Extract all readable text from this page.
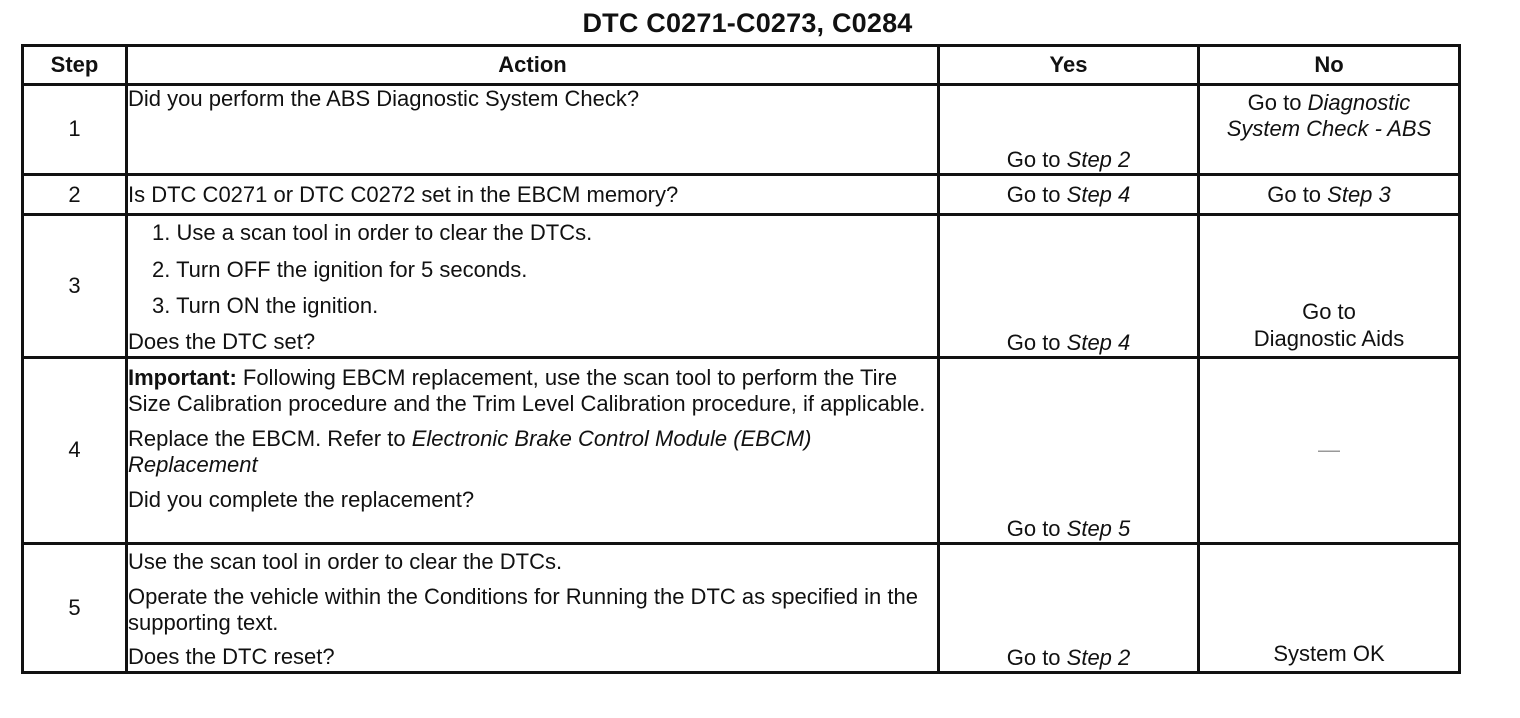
DTC C0271-C0273, C0284
Step	Action	Yes	No
1	Did you perform the ABS Diagnostic System Check?	Go to Step 2	Go to Diagnostic System Check - ABS
2	Is DTC C0271 or DTC C0272 set in the EBCM memory?	Go to Step 4	Go to Step 3
3	1. Use a scan tool in order to clear the DTCs.
2. Turn OFF the ignition for 5 seconds.
3. Turn ON the ignition.
Does the DTC set?	Go to Step 4	Go to
Diagnostic Aids

4	Important: Following EBCM replacement, use the scan tool to perform the Tire Size Calibration procedure and the Trim Level Calibration procedure, if applicable.
Replace the EBCM. Refer to Electronic Brake Control Module (EBCM) Replacement
Did you complete the replacement?	Go to Step 5	—
5	Use the scan tool in order to clear the DTCs.
Operate the vehicle within the Conditions for Running the DTC as specified in the supporting text.
Does the DTC reset?	Go to Step 2	System OK
